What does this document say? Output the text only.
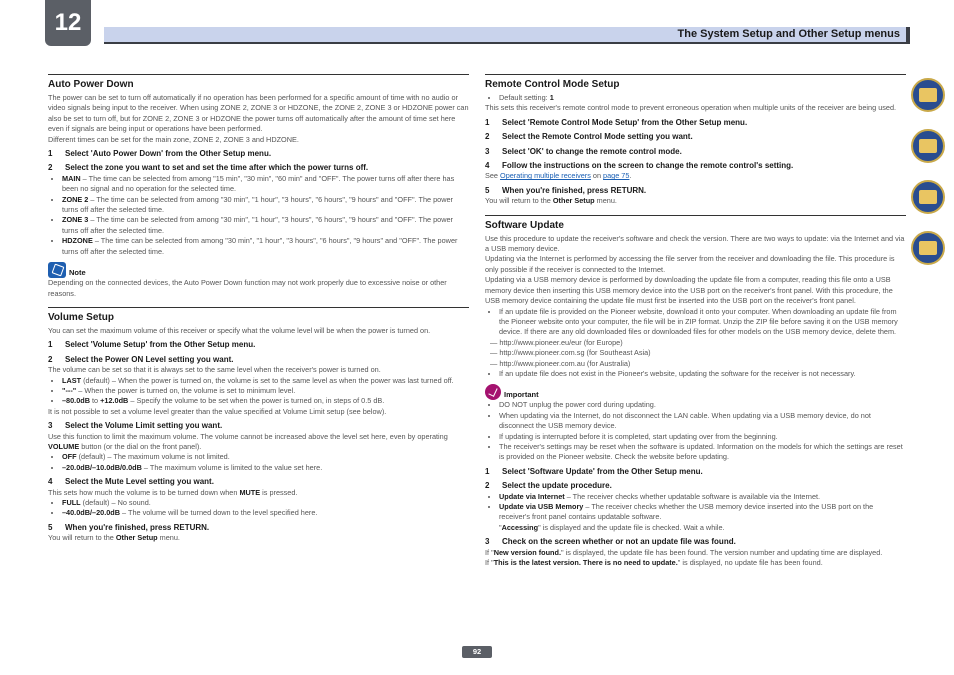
12	The System Setup and Other Setup menus
Auto Power Down

The power can be set to turn off automatically if no operation has been performed for a specific amount of time with no audio or video signals being input to the receiver. When using ZONE 2, ZONE 3 or HDZONE, the ZONE 2, ZONE 3 or HDZONE power can also be set to turn off, but for ZONE 2, ZONE 3 or HDZONE the power turns off automatically after the amount of time set here even if signals are being input or operations have been performed.

Different times can be set for the main zone, ZONE 2, ZONE 3 and HDZONE.

1	Select 'Auto Power Down' from the Other Setup menu.
2	Select the zone you want to set and set the time after which the power turns off.
• MAIN – The time can be selected from among "15 min", "30 min", "60 min" and "OFF". The power turns off after there has been no signal and no operation for the selected time.
• ZONE 2 – The time can be selected from among "30 min", "1 hour", "3 hours", "6 hours", "9 hours" and "OFF". The power turns off after the selected time.
• ZONE 3 – The time can be selected from among "30 min", "1 hour", "3 hours", "6 hours", "9 hours" and "OFF". The power turns off after the selected time.
• HDZONE – The time can be selected from among "30 min", "1 hour", "3 hours", "6 hours", "9 hours" and "OFF". The power turns off after the selected time.
Note

Depending on the connected devices, the Auto Power Down function may not work properly due to excessive noise or other reasons.

Volume Setup

You can set the maximum volume of this receiver or specify what the volume level will be when the power is turned on.

1	Select 'Volume Setup' from the Other Setup menu.
2	Select the Power ON Level setting you want.

The volume can be set so that it is always set to the same level when the receiver's power is turned on.

• LAST (default) – When the power is turned on, the volume is set to the same level as when the power was last turned off.
• "---" – When the power is turned on, the volume is set to minimum level.
• –80.0dB to +12.0dB – Specify the volume to be set when the power is turned on, in steps of 0.5 dB.

It is not possible to set a volume level greater than the value specified at Volume Limit setup (see below).

3	Select the Volume Limit setting you want.

Use this function to limit the maximum volume. The volume cannot be increased above the level set here, even by operating VOLUME button (or the dial on the front panel).

• OFF (default) – The maximum volume is not limited.
• –20.0dB/–10.0dB/0.0dB – The maximum volume is limited to the value set here.
4	Select the Mute Level setting you want.

This sets how much the volume is to be turned down when MUTE is pressed.

• FULL (default) – No sound.
• –40.0dB/–20.0dB – The volume will be turned down to the level specified here.
5	When you're finished, press RETURN.

You will return to the Other Setup menu.

Remote Control Mode Setup
• Default setting: 1

This sets this receiver's remote control mode to prevent erroneous operation when multiple units of the receiver are being used.

1	Select 'Remote Control Mode Setup' from the Other Setup menu.
2	Select the Remote Control Mode setting you want.
3	Select 'OK' to change the remote control mode.
4	Follow the instructions on the screen to change the remote control's setting.

See Operating multiple receivers on page 75.

5	When you're finished, press RETURN.

You will return to the Other Setup menu.

Software Update

Use this procedure to update the receiver's software and check the version. There are two ways to update: via the Internet and via a USB memory device.

Updating via the Internet is performed by accessing the file server from the receiver and downloading the file. This procedure is only possible if the receiver is connected to the Internet.

Updating via a USB memory device is performed by downloading the update file from a computer, reading this file onto a USB memory device then inserting this USB memory device into the USB port on the receiver's front panel. With this procedure, the USB memory device containing the update file must first be inserted into the USB port on the receiver's front panel.

• If an update file is provided on the Pioneer website, download it onto your computer. When downloading an update file from the Pioneer website onto your computer, the file will be in ZIP format. Unzip the ZIP file before saving it on the USB memory device. If there are any old downloaded files or downloaded files for other models on the USB memory device, delete them.
— http://www.pioneer.eu/eur (for Europe)
— http://www.pioneer.com.sg (for Southeast Asia)
— http://www.pioneer.com.au (for Australia)
• If an update file does not exist in the Pioneer's website, updating the software for the receiver is not necessary.
Important
• DO NOT unplug the power cord during updating.
• When updating via the Internet, do not disconnect the LAN cable. When updating via a USB memory device, do not disconnect the USB memory device.
• If updating is interrupted before it is completed, start updating over from the beginning.
• The receiver's settings may be reset when the software is updated. Information on the models for which the settings are reset is provided on the Pioneer website. Check the website before updating.
1	Select 'Software Update' from the Other Setup menu.
2	Select the update procedure.
• Update via Internet – The receiver checks whether updatable software is available via the Internet.
• Update via USB Memory – The receiver checks whether the USB memory device inserted into the USB port on the receiver's front panel contains updatable software.
"Accessing" is displayed and the update file is checked. Wait a while.
3	Check on the screen whether or not an update file was found.

If "New version found." is displayed, the update file has been found. The version number and updating time are displayed.

If "This is the latest version. There is no need to update." is displayed, no update file has been found.

92
